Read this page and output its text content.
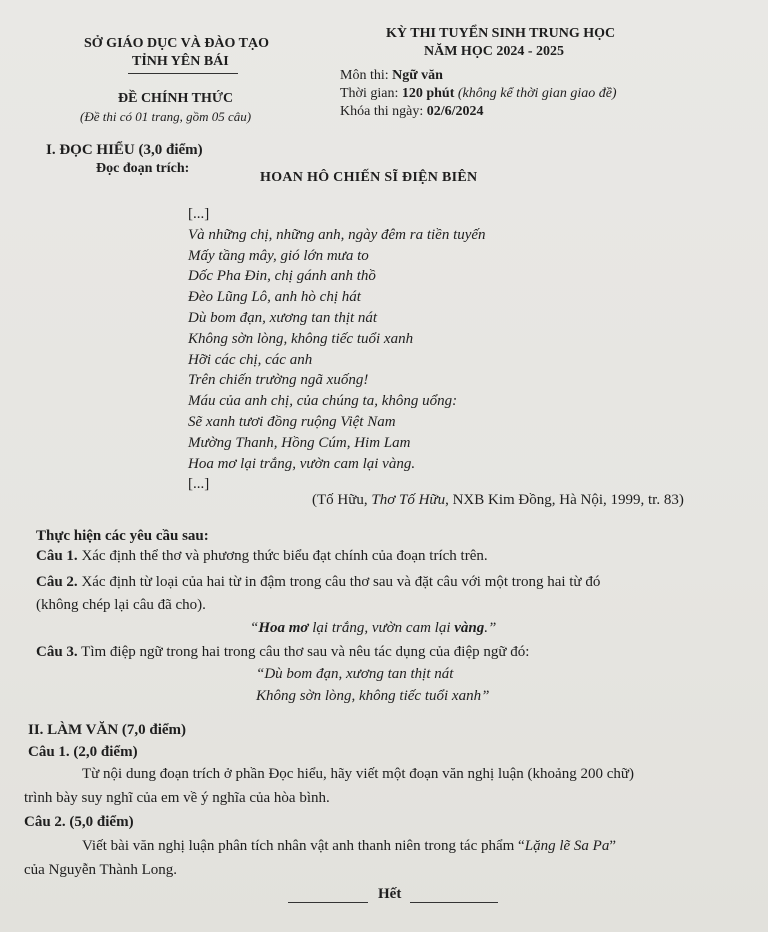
SỞ GIÁO DỤC VÀ ĐÀO TẠO
TỈNH YÊN BÁI
ĐỀ CHÍNH THỨC
(Đề thi có 01 trang, gồm 05 câu)
KỲ THI TUYỂN SINH TRUNG HỌC
NĂM HỌC 2024 - 2025
Môn thi: Ngữ văn
Thời gian: 120 phút (không kể thời gian giao đề)
Khóa thi ngày: 02/6/2024
I. ĐỌC HIỂU (3,0 điểm)
Đọc đoạn trích:
HOAN HÔ CHIẾN SĨ ĐIỆN BIÊN
[...]
Và những chị, những anh, ngày đêm ra tiền tuyến
Mấy tầng mây, gió lớn mưa to
Dốc Pha Đin, chị gánh anh thồ
Đèo Lũng Lô, anh hò chị hát
Dù bom đạn, xương tan thịt nát
Không sờn lòng, không tiếc tuổi xanh
Hỡi các chị, các anh
Trên chiến trường ngã xuống!
Máu của anh chị, của chúng ta, không uổng:
Sẽ xanh tươi đồng ruộng Việt Nam
Mường Thanh, Hồng Cúm, Him Lam
Hoa mơ lại trắng, vườn cam lại vàng.
[...]
(Tố Hữu, Thơ Tố Hữu, NXB Kim Đồng, Hà Nội, 1999, tr. 83)
Thực hiện các yêu cầu sau:
Câu 1. Xác định thể thơ và phương thức biểu đạt chính của đoạn trích trên.
Câu 2. Xác định từ loại của hai từ in đậm trong câu thơ sau và đặt câu với một trong hai từ đó
(không chép lại câu đã cho).
“Hoa mơ lại trắng, vườn cam lại vàng.”
Câu 3. Tìm điệp ngữ trong hai trong câu thơ sau và nêu tác dụng của điệp ngữ đó:
“Dù bom đạn, xương tan thịt nát
Không sờn lòng, không tiếc tuổi xanh”
II. LÀM VĂN (7,0 điểm)
Câu 1. (2,0 điểm)
Từ nội dung đoạn trích ở phần Đọc hiểu, hãy viết một đoạn văn nghị luận (khoảng 200 chữ)
trình bày suy nghĩ của em về ý nghĩa của hòa bình.
Câu 2. (5,0 điểm)
Viết bài văn nghị luận phân tích nhân vật anh thanh niên trong tác phẩm “Lặng lẽ Sa Pa”
của Nguyễn Thành Long.
Hết
